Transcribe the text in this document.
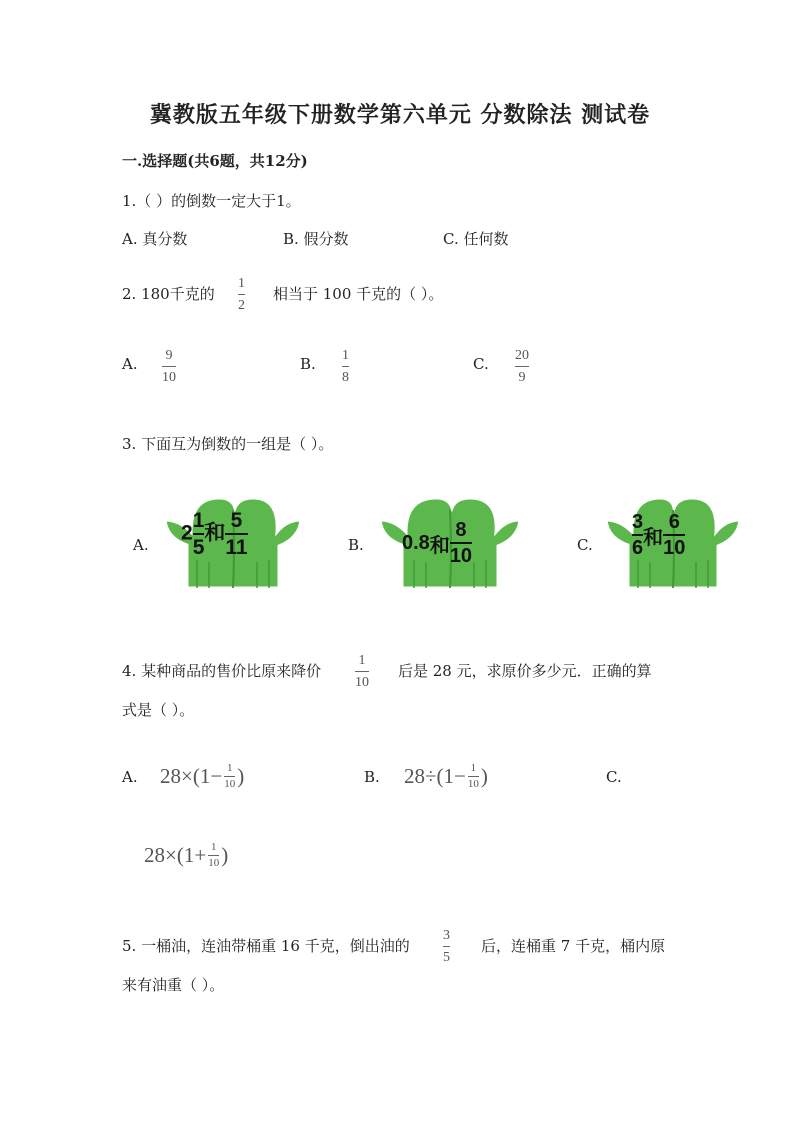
冀教版五年级下册数学第六单元 分数除法 测试卷
一.选择题(共6题，共12分)
1.（ ）的倒数一定大于1。
A. 真分数	B. 假分数	C. 任何数
2. 180千克的
1
2
相当于 100 千克的（ ）。
A. 9
10
B. 1
8
C. 20
9
3. 下面互为倒数的一组是（ ）。
A.
$2 \frac{1}{5}$ 和 $\frac{5}{11}$	B. 0.8 和
8
10	C.
3
6 和
6
10
4. 某种商品的售价比原来降价
1
10
后是 28 元，求原价多少元．正确的算
式是（ ）。
A. $28\times(1- \frac{1}{10}$ )	B. $28\div(1- \frac{1}{10}$ )	C.
$28\times(1+ \frac{1}{10}$ )
5. 一桶油，连油带桶重 16 千克，倒出油的
3
5
后，连桶重 7 千克，桶内原
来有油重（ ）。
